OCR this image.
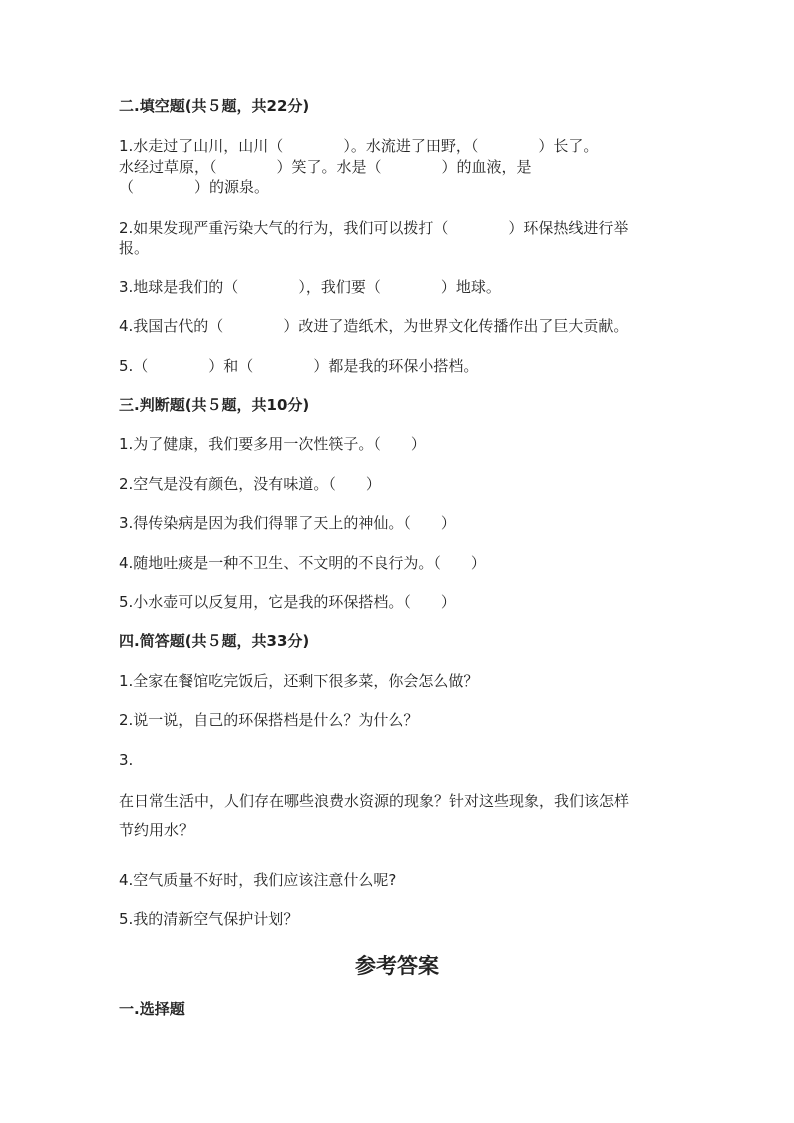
二.填空题(共５题，共22分)

1.水走过了山川，山川（　　　　）。水流进了田野，（　　　　）长了。

水经过草原，（　　　　）笑了。水是（　　　　）的血液，是

（　　　　）的源泉。

2.如果发现严重污染大气的行为，我们可以拨打（　　　　）环保热线进行举

报。

3.地球是我们的（　　　　），我们要（　　　　）地球。

4.我国古代的（　　　　）改进了造纸术，为世界文化传播作出了巨大贡献。

5.（　　　　）和（　　　　）都是我的环保小搭档。

三.判断题(共５题，共10分)

1.为了健康，我们要多用一次性筷子。（　　）

2.空气是没有颜色，没有味道。（　　）

3.得传染病是因为我们得罪了天上的神仙。（　　）

4.随地吐痰是一种不卫生、不文明的不良行为。（　　）

5.小水壶可以反复用，它是我的环保搭档。（　　）

四.简答题(共５题，共33分)

1.全家在餐馆吃完饭后，还剩下很多菜，你会怎么做？

2.说一说，自己的环保搭档是什么？为什么？

3.

在日常生活中，人们存在哪些浪费水资源的现象？针对这些现象，我们该怎样

节约用水？

4.空气质量不好时，我们应该注意什么呢?

5.我的清新空气保护计划？

参考答案

一.选择题
